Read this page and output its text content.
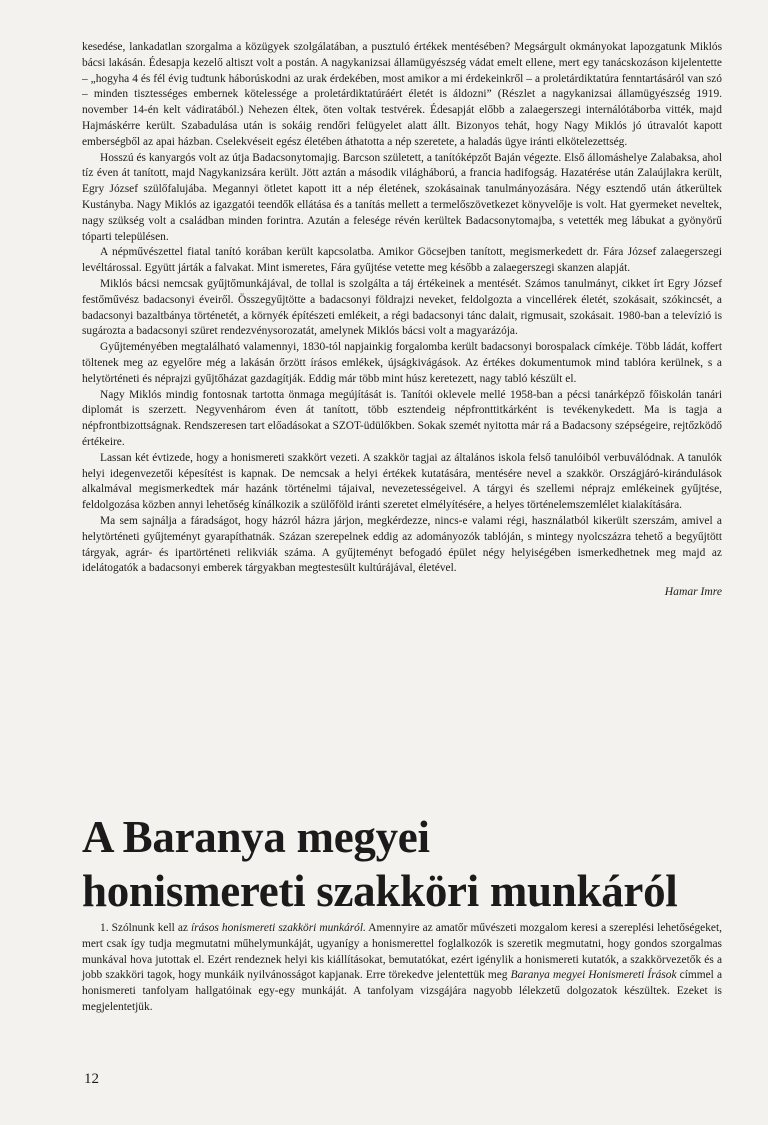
kesedése, lankadatlan szorgalma a közügyek szolgálatában, a pusztuló értékek mentésében? Megsárgult okmányokat lapozgatunk Miklós bácsi lakásán. Édesapja kezelő altiszt volt a postán. A nagykanizsai államügyészség vádat emelt ellene, mert egy tanácskozáson kijelentette – „hogyha 4 és fél évig tudtunk háborúskodni az urak érdekében, most amikor a mi érdekeinkről – a proletárdiktatúra fenntartásáról van szó – minden tisztességes embernek kötelessége a proletárdiktatúráért életét is áldozni” (Részlet a nagykanizsai államügyészség 1919. november 14-én kelt vádiratából.) Nehezen éltek, öten voltak testvérek. Édesapját előbb a zalaegerszegi internálótáborba vitték, majd Hajmáskérre került. Szabadulása után is sokáig rendőri felügyelet alatt állt. Bizonyos tehát, hogy Nagy Miklós jó útravalót kapott emberségből az apai házban. Cselekvéseit egész életében áthatotta a nép szeretete, a haladás ügye iránti elkötelezettség.

Hosszú és kanyargós volt az útja Badacsonytomajig. Barcson született, a tanítóképzőt Baján végezte. Első állomáshelye Zalabaksa, ahol tíz éven át tanított, majd Nagykanizsára került. Jött aztán a második világháború, a francia hadifogság. Hazatérése után Zalaújlakra került, Egry József szülőfalujába. Megannyi ötletet kapott itt a nép életének, szokásainak tanulmányozására. Négy esztendő után átkerültek Kustányba. Nagy Miklós az igazgatói teendők ellátása és a tanítás mellett a termelőszövetkezet könyvelője is volt. Hat gyermeket neveltek, nagy szükség volt a családban minden forintra. Azután a felesége révén kerültek Badacsonytomajba, s vetették meg lábukat a gyönyörű tóparti településen.

A népművészettel fiatal tanító korában került kapcsolatba. Amikor Göcsejben tanított, megismerkedett dr. Fára József zalaegerszegi levéltárossal. Együtt járták a falvakat. Mint ismeretes, Fára gyűjtése vetette meg később a zalaegerszegi skanzen alapját.

Miklós bácsi nemcsak gyűjtőmunkájával, de tollal is szolgálta a táj értékeinek a mentését. Számos tanulmányt, cikket írt Egry József festőművész badacsonyi éveiről. Összegyűjtötte a badacsonyi földrajzi neveket, feldolgozta a vincellérek életét, szokásait, szókincsét, a badacsonyi bazaltbánya történetét, a környék építészeti emlékeit, a régi badacsonyi tánc dalait, rigmusait, szokásait. 1980-ban a televízió is sugározta a badacsonyi szüret rendezvénysorozatát, amelynek Miklós bácsi volt a magyarázója.

Gyűjteményében megtalálható valamennyi, 1830-tól napjainkig forgalomba került badacsonyi borospalack címkéje. Több ládát, koffert töltenek meg az egyelőre még a lakásán őrzött írásos emlékek, újságkivágások. Az értékes dokumentumok mind tablóra kerülnek, s a helytörténeti és néprajzi gyűjtőházat gazdagítják. Eddig már több mint húsz keretezett, nagy tabló készült el.

Nagy Miklós mindig fontosnak tartotta önmaga megújítását is. Tanítói oklevele mellé 1958-ban a pécsi tanárképző főiskolán tanári diplomát is szerzett. Negyvenhárom éven át tanított, több esztendeig népfronttitkárként is tevékenykedett. Ma is tagja a népfrontbizottságnak. Rendszeresen tart előadásokat a SZOT-üdülőkben. Sokak szemét nyitotta már rá a Badacsony szépségeire, rejtőzködő értékeire.

Lassan két évtizede, hogy a honismereti szakkört vezeti. A szakkör tagjai az általános iskola felső tanulóiból verbuválódnak. A tanulók helyi idegenvezetői képesítést is kapnak. De nemcsak a helyi értékek kutatására, mentésére nevel a szakkör. Országjáró-kirándulások alkalmával megismerkedtek már hazánk történelmi tájaival, nevezetességeivel. A tárgyi és szellemi néprajz emlékeinek gyűjtése, feldolgozása közben annyi lehetőség kínálkozik a szülőföld iránti szeretet elmélyítésére, a helyes történelemszemlélet kialakítására.

Ma sem sajnálja a fáradságot, hogy házról házra járjon, megkérdezze, nincs-e valami régi, használatból kikerült szerszám, amivel a helytörténeti gyűjteményt gyarapíthatnák. Százan szerepelnek eddig az adományozók tablóján, s mintegy nyolcszázra tehető a begyűjtött tárgyak, agrár- és ipartörténeti relikviák száma. A gyűjteményt befogadó épület négy helyiségében ismerkedhetnek meg majd az idelátogatók a badacsonyi emberek tárgyakban megtestesült kultúrájával, életével.

Hamar Imre
A Baranya megyei
honismereti szakköri munkáról

1. Szólnunk kell az írásos honismereti szakköri munkáról. Amennyire az amatőr művészeti mozgalom keresi a szereplési lehetőségeket, mert csak így tudja megmutatni műhelymunkáját, ugyanígy a honismerettel foglalkozók is szeretik megmutatni, hogy gondos szorgalmas munkával hova jutottak el. Ezért rendeznek helyi kis kiállításokat, bemutatókat, ezért igénylik a honismereti kutatók, a szakkörvezetők és a jobb szakköri tagok, hogy munkáik nyilvánosságot kapjanak. Erre törekedve jelentettük meg Baranya megyei Honismereti Írások címmel a honismereti tanfolyam hallgatóinak egy-egy munkáját. A tanfolyam vizsgájára nagyobb lélekzetű dolgozatok készültek. Ezeket is megjelentetjük.

12
